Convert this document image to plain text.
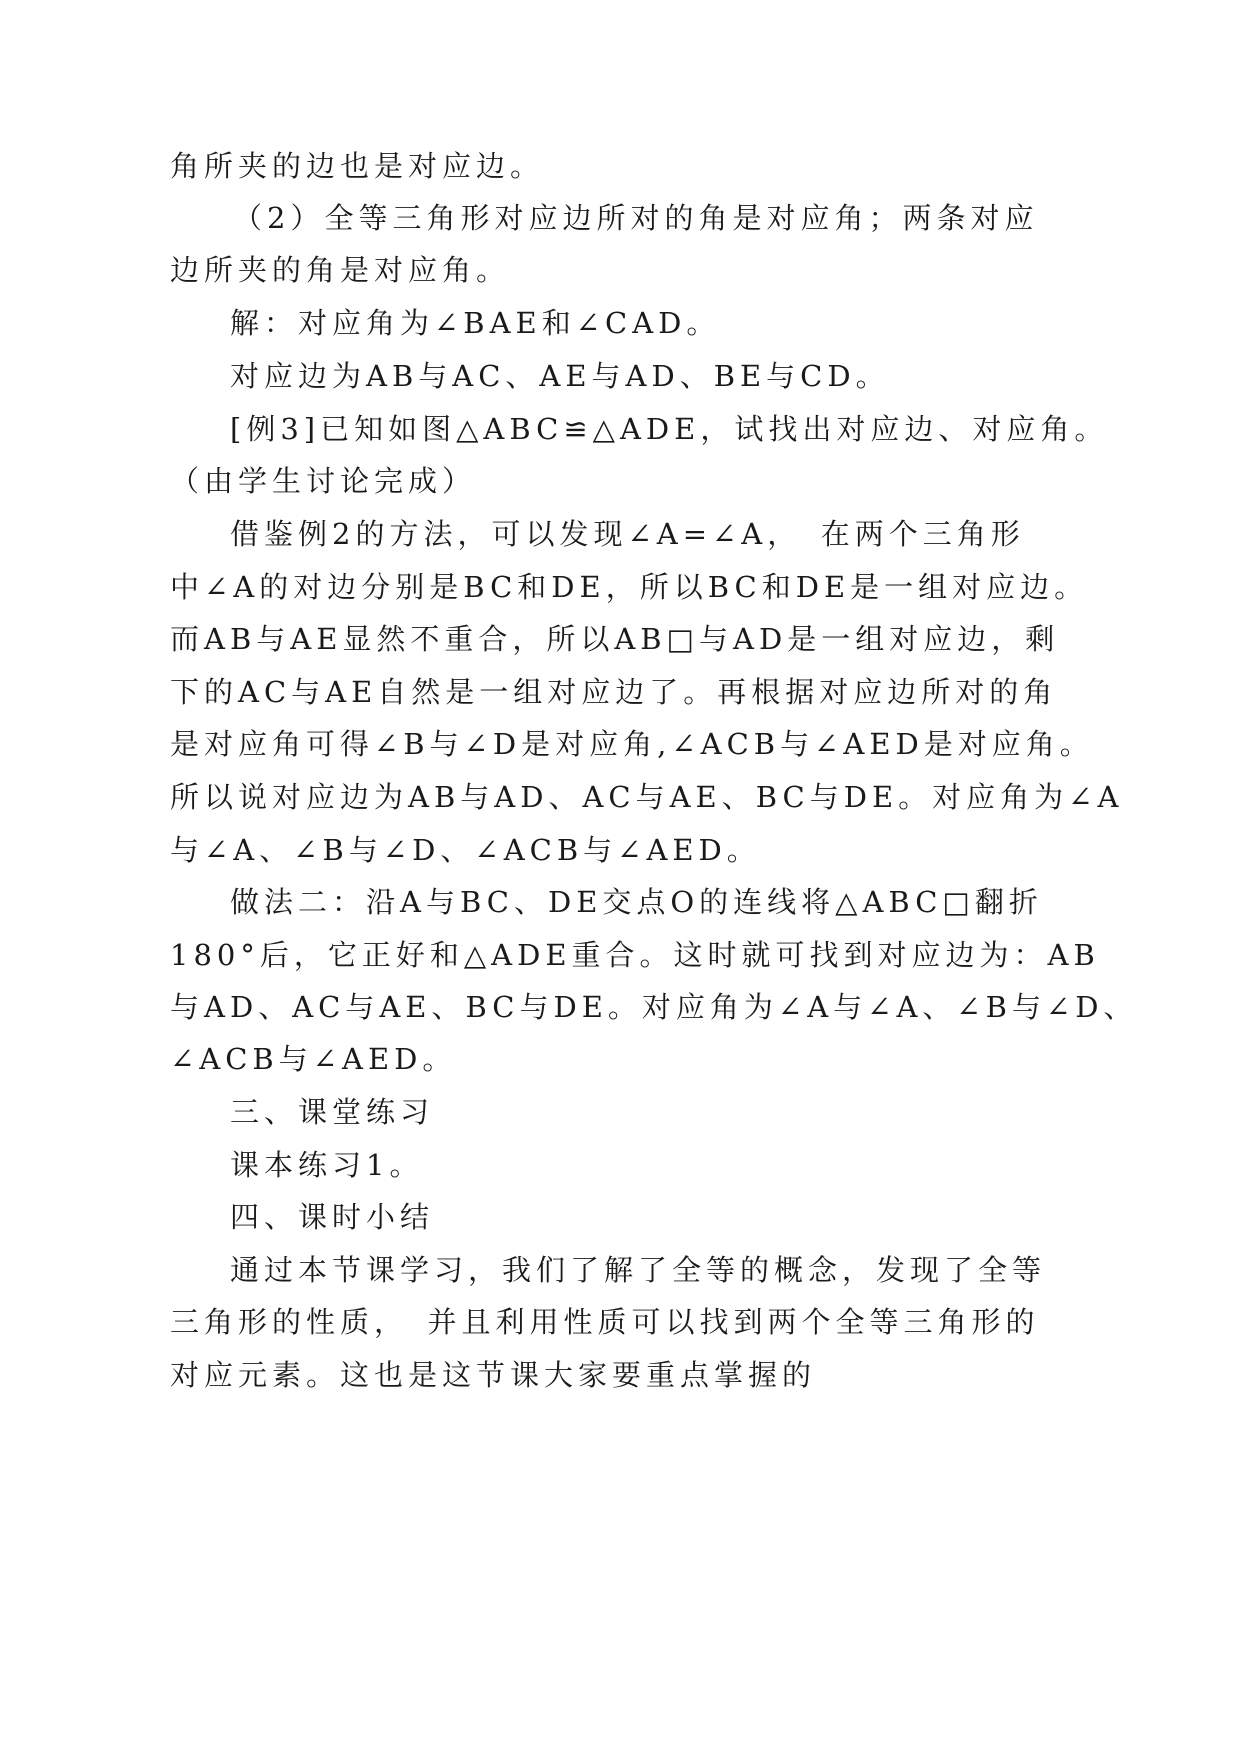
角所夹的边也是对应边。
（2）全等三角形对应边所对的角是对应角；两条对应
边所夹的角是对应角。
解：对应角为∠BAE和∠CAD。
对应边为AB与AC、AE与AD、BE与CD。
[例3]已知如图△ABC≌△ADE，试找出对应边、对应角。
（由学生讨论完成）
借鉴例2的方法，可以发现∠A=∠A，　在两个三角形
中∠A的对边分别是BC和DE，所以BC和DE是一组对应边。
而AB与AE显然不重合，所以AB□与AD是一组对应边，剩
下的AC与AE自然是一组对应边了。再根据对应边所对的角
是对应角可得∠B与∠D是对应角,∠ACB与∠AED是对应角。
所以说对应边为AB与AD、AC与AE、BC与DE。对应角为∠A
与∠A、∠B与∠D、∠ACB与∠AED。
做法二：沿A与BC、DE交点O的连线将△ABC□翻折
180°后，它正好和△ADE重合。这时就可找到对应边为：AB
与AD、AC与AE、BC与DE。对应角为∠A与∠A、∠B与∠D、
∠ACB与∠AED。
三、课堂练习
课本练习1。
四、课时小结
通过本节课学习，我们了解了全等的概念，发现了全等
三角形的性质，　并且利用性质可以找到两个全等三角形的
对应元素。这也是这节课大家要重点掌握的
